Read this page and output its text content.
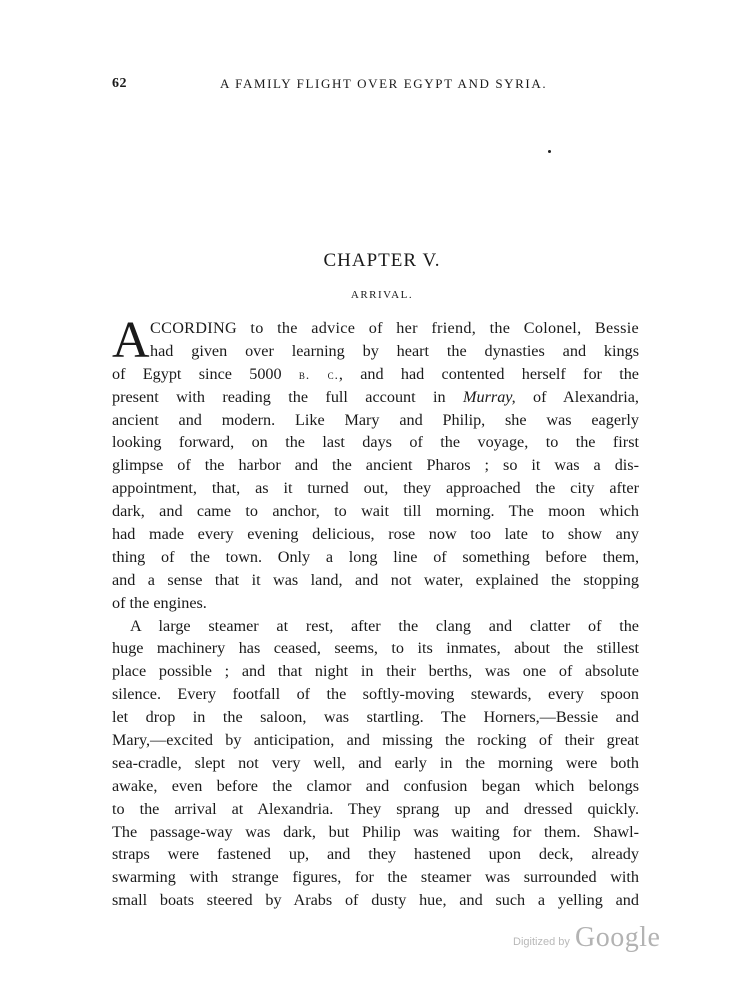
62	A FAMILY FLIGHT OVER EGYPT AND SYRIA.
CHAPTER V.
ARRIVAL.
A CCORDING to the advice of her friend, the Colonel, Bessie
had given over learning by heart the dynasties and kings
of Egypt since 5000 b. c., and had contented herself for the
present with reading the full account in Murray, of Alexandria,
ancient and modern. Like Mary and Philip, she was eagerly
looking forward, on the last days of the voyage, to the first
glimpse of the harbor and the ancient Pharos ; so it was a dis-
appointment, that, as it turned out, they approached the city after
dark, and came to anchor, to wait till morning. The moon which
had made every evening delicious, rose now too late to show any
thing of the town. Only a long line of something before them,
and a sense that it was land, and not water, explained the stopping
of the engines.
A large steamer at rest, after the clang and clatter of the
huge machinery has ceased, seems, to its inmates, about the stillest
place possible ; and that night in their berths, was one of absolute
silence. Every footfall of the softly-moving stewards, every spoon
let drop in the saloon, was startling. The Horners,—Bessie and
Mary,—excited by anticipation, and missing the rocking of their great
sea-cradle, slept not very well, and early in the morning were both
awake, even before the clamor and confusion began which belongs
to the arrival at Alexandria. They sprang up and dressed quickly.
The passage-way was dark, but Philip was waiting for them. Shawl-
straps were fastened up, and they hastened upon deck, already
swarming with strange figures, for the steamer was surrounded with
small boats steered by Arabs of dusty hue, and such a yelling and
Digitized by Google
